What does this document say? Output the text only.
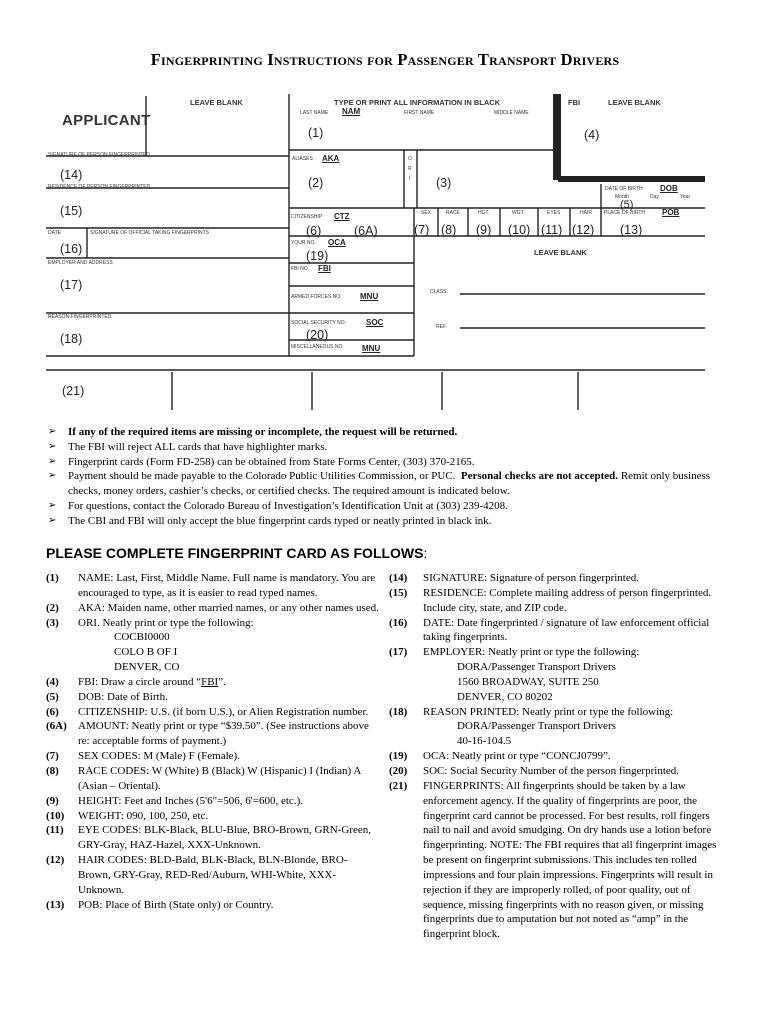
Fingerprinting Instructions for Passenger Transport Drivers
APPLICANT
LEAVE BLANK	TYPE OR PRINT ALL INFORMATION IN BLACK
LAST NAME NAM	FIRST NAME	MIDDLE NAME
(1)
FBI	LEAVE BLANK
(4)
SIGNATURE OF PERSON FINGERPRINTED
(14)
RESIDENCE OF PERSON FINGERPRINTED
(15)
DATE	SIGNATURE OF OFFICIAL TAKING FINGERPRINTS
(16)
EMPLOYER AND ADDRESS
(17)
REASON FINGERPRINTED
(18)
ALIASES AKA
(2)
O
R
I (3)	DATE OF BIRTH DOB
Month	Day	Year
(5)
CITIZENSHIP CTZ
(6)	(6A)
SEX	RACE	HGT.	WGT.	EYES	HAIR PLACE OF BIRTH POB
(7) (8) (9) (10) (11) (12) (13)
YOUR NO. OCA
(19)	LEAVE BLANK
FBI NO. FBI
ARMED FORCES NO. MNU	CLASS
SOCIAL SECURITY NO. SOC
(20)
REF.
MISCELLANEOUS NO. MNU
(21)
➢ If any of the required items are missing or incomplete, the request will be returned.
➢ The FBI will reject ALL cards that have highlighter marks.
➢ Fingerprint cards (Form FD-258) can be obtained from State Forms Center, (303) 370-2165.
➢ Payment should be made payable to the Colorado Public Utilities Commission, or PUC. Personal checks are not accepted. Remit only business checks, money orders, cashier’s checks, or certified checks. The required amount is indicated below.
➢ For questions, contact the Colorado Bureau of Investigation’s Identification Unit at (303) 239-4208.
➢ The CBI and FBI will only accept the blue fingerprint cards typed or neatly printed in black ink.
PLEASE COMPLETE FINGERPRINT CARD AS FOLLOWS:
(1)	NAME: Last, First, Middle Name. Full name is mandatory. You are encouraged to type, as it is easier to read typed names.
(2)	AKA: Maiden name, other married names, or any other names used.
(3)	ORI. Neatly print or type the following:
COCBI0000
COLO B OF I
DENVER, CO
(4)	FBI: Draw a circle around “FBI”.
(5)	DOB: Date of Birth.
(6)	CITIZENSHIP: U.S. (if born U.S.), or Alien Registration number.
(6A)	AMOUNT: Neatly print or type “$39.50”. (See instructions above re: acceptable forms of payment.)
(7)	SEX CODES: M (Male) F (Female).
(8)	RACE CODES: W (White) B (Black) W (Hispanic) I (Indian) A (Asian – Oriental).
(9)	HEIGHT: Feet and Inches (5'6"=506, 6'=600, etc.).
(10)	WEIGHT: 090, 100, 250, etc.
(11)	EYE CODES: BLK-Black, BLU-Blue, BRO-Brown, GRN-Green, GRY-Gray, HAZ-Hazel, XXX-Unknown.
(12)	HAIR CODES: BLD-Bald, BLK-Black, BLN-Blonde, BRO-Brown, GRY-Gray, RED-Red/Auburn, WHI-White, XXX-Unknown.
(13)	POB: Place of Birth (State only) or Country.
(14)	SIGNATURE: Signature of person fingerprinted.
(15)	RESIDENCE: Complete mailing address of person fingerprinted. Include city, state, and ZIP code.
(16)	DATE: Date fingerprinted / signature of law enforcement official taking fingerprints.
(17)	EMPLOYER: Neatly print or type the following:
DORA/Passenger Transport Drivers
1560 BROADWAY, SUITE 250
DENVER, CO 80202
(18)	REASON PRINTED: Neatly print or type the following:
DORA/Passenger Transport Drivers
40-16-104.5
(19)	OCA: Neatly print or type “CONCJ0799”.
(20)	SOC: Social Security Number of the person fingerprinted.
(21)	FINGERPRINTS: All fingerprints should be taken by a law enforcement agency. If the quality of fingerprints are poor, the fingerprint card cannot be processed. For best results, roll fingers nail to nail and avoid smudging. On dry hands use a lotion before fingerprinting. NOTE: The FBI requires that all fingerprint images be present on fingerprint submissions. This includes ten rolled impressions and four plain impressions. Fingerprints will result in rejection if they are improperly rolled, of poor quality, out of sequence, missing fingerprints with no reason given, or missing fingerprints due to amputation but not noted as “amp” in the fingerprint block.
